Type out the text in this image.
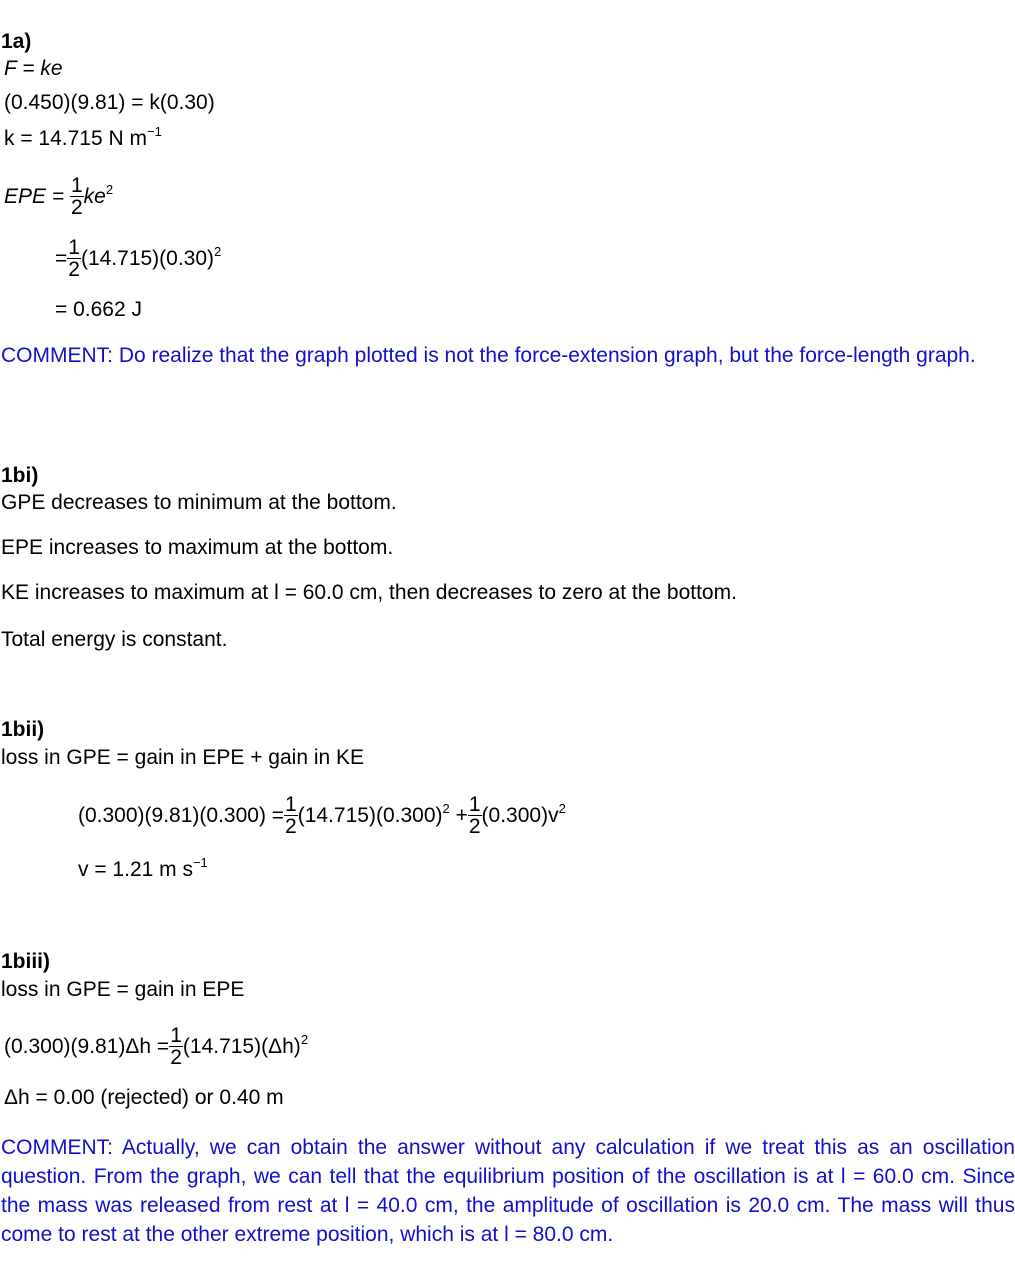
1a)
F = ke
(0.450)(9.81) = k(0.30)
k = 14.715 N $m^{-1}$
EPE = $\frac{1}{2} ke^2$
= $\frac{1}{2} (14.715)(0.30)^2$
= 0.662 J
COMMENT: Do realize that the graph plotted is not the force-extension graph, but the force-length graph.
1bi)
GPE decreases to minimum at the bottom.
EPE increases to maximum at the bottom.
KE increases to maximum at l = 60.0 cm, then decreases to zero at the bottom.
Total energy is constant.
1bii)
loss in GPE = gain in EPE + gain in KE
$(0.300)(9.81)(0.300) = \frac{1}{2} (14.715)(0.300)^2 + \frac{1}{2} (0.300)v^2$
v = 1.21 m $s^{-1}$
1biii)
loss in GPE = gain in EPE
$(0.300)(9.81)\Delta h = \frac{1}{2} (14.715)(\Delta h)^2$
Δh = 0.00 (rejected) or 0.40 m
COMMENT: Actually, we can obtain the answer without any calculation if we treat this as an oscillation question. From the graph, we can tell that the equilibrium position of the oscillation is at l = 60.0 cm. Since the mass was released from rest at l = 40.0 cm, the amplitude of oscillation is 20.0 cm. The mass will thus come to rest at the other extreme position, which is at l = 80.0 cm.
